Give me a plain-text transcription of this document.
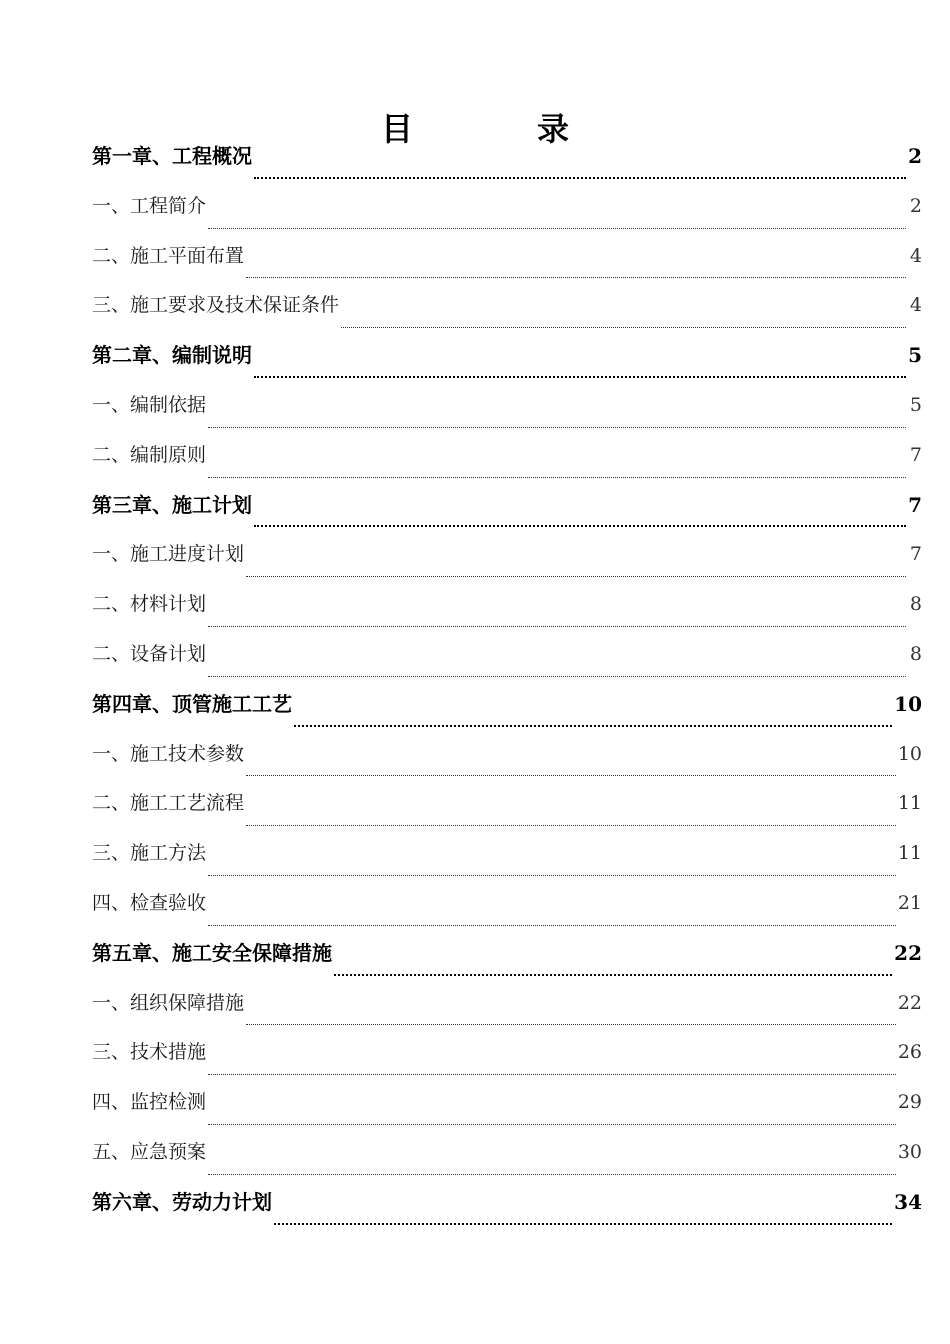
目　录
第一章、工程概况	2
一、工程简介	2
二、施工平面布置	4
三、施工要求及技术保证条件	4
第二章、编制说明	5
一、编制依据	5
二、编制原则	7
第三章、施工计划	7
一、施工进度计划	7
二、材料计划	8
二、设备计划	8
第四章、顶管施工工艺	10
一、施工技术参数	10
二、施工工艺流程	11
三、施工方法	11
四、检查验收	21
第五章、施工安全保障措施	22
一、组织保障措施	22
三、技术措施	26
四、监控检测	29
五、应急预案	30
第六章、劳动力计划	34
